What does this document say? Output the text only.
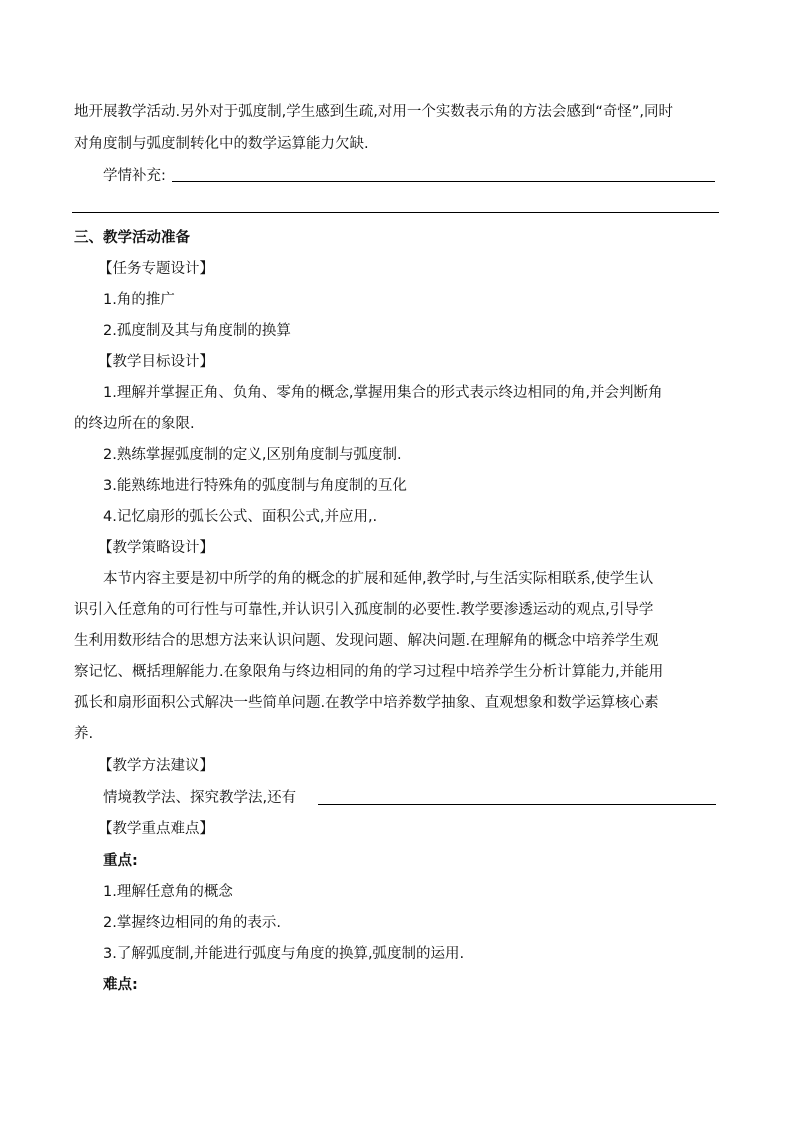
地开展教学活动.另外对于弧度制,学生感到生疏,对用一个实数表示角的方法会感到“奇怪”,同时
对角度制与弧度制转化中的数学运算能力欠缺.
学情补充:
三、教学活动准备
【任务专题设计】
1.角的推广
2.孤度制及其与角度制的换算
【教学目标设计】
1.理解并掌握正角、负角、零角的概念,掌握用集合的形式表示终边相同的角,并会判断角
的终边所在的象限.
2.熟练掌握弧度制的定义,区别角度制与弧度制.
3.能熟练地进行特殊角的弧度制与角度制的互化
4.记忆扇形的弧长公式、面积公式,并应用,.
【教学策略设计】
本节内容主要是初中所学的角的概念的扩展和延伸,教学时,与生活实际相联系,使学生认
识引入任意角的可行性与可靠性,并认识引入孤度制的必要性.教学要渗透运动的观点,引导学
生利用数形结合的思想方法来认识问题、发现问题、解决问题.在理解角的概念中培养学生观
察记忆、概括理解能力.在象限角与终边相同的角的学习过程中培养学生分析计算能力,并能用
孤长和扇形面积公式解决一些简单问题.在教学中培养数学抽象、直观想象和数学运算核心素
养.
【教学方法建议】
情境教学法、探究教学法,还有
【教学重点难点】
重点:
1.理解任意角的概念
2.掌握终边相同的角的表示.
3.了解弧度制,并能进行弧度与角度的换算,弧度制的运用.
难点:
